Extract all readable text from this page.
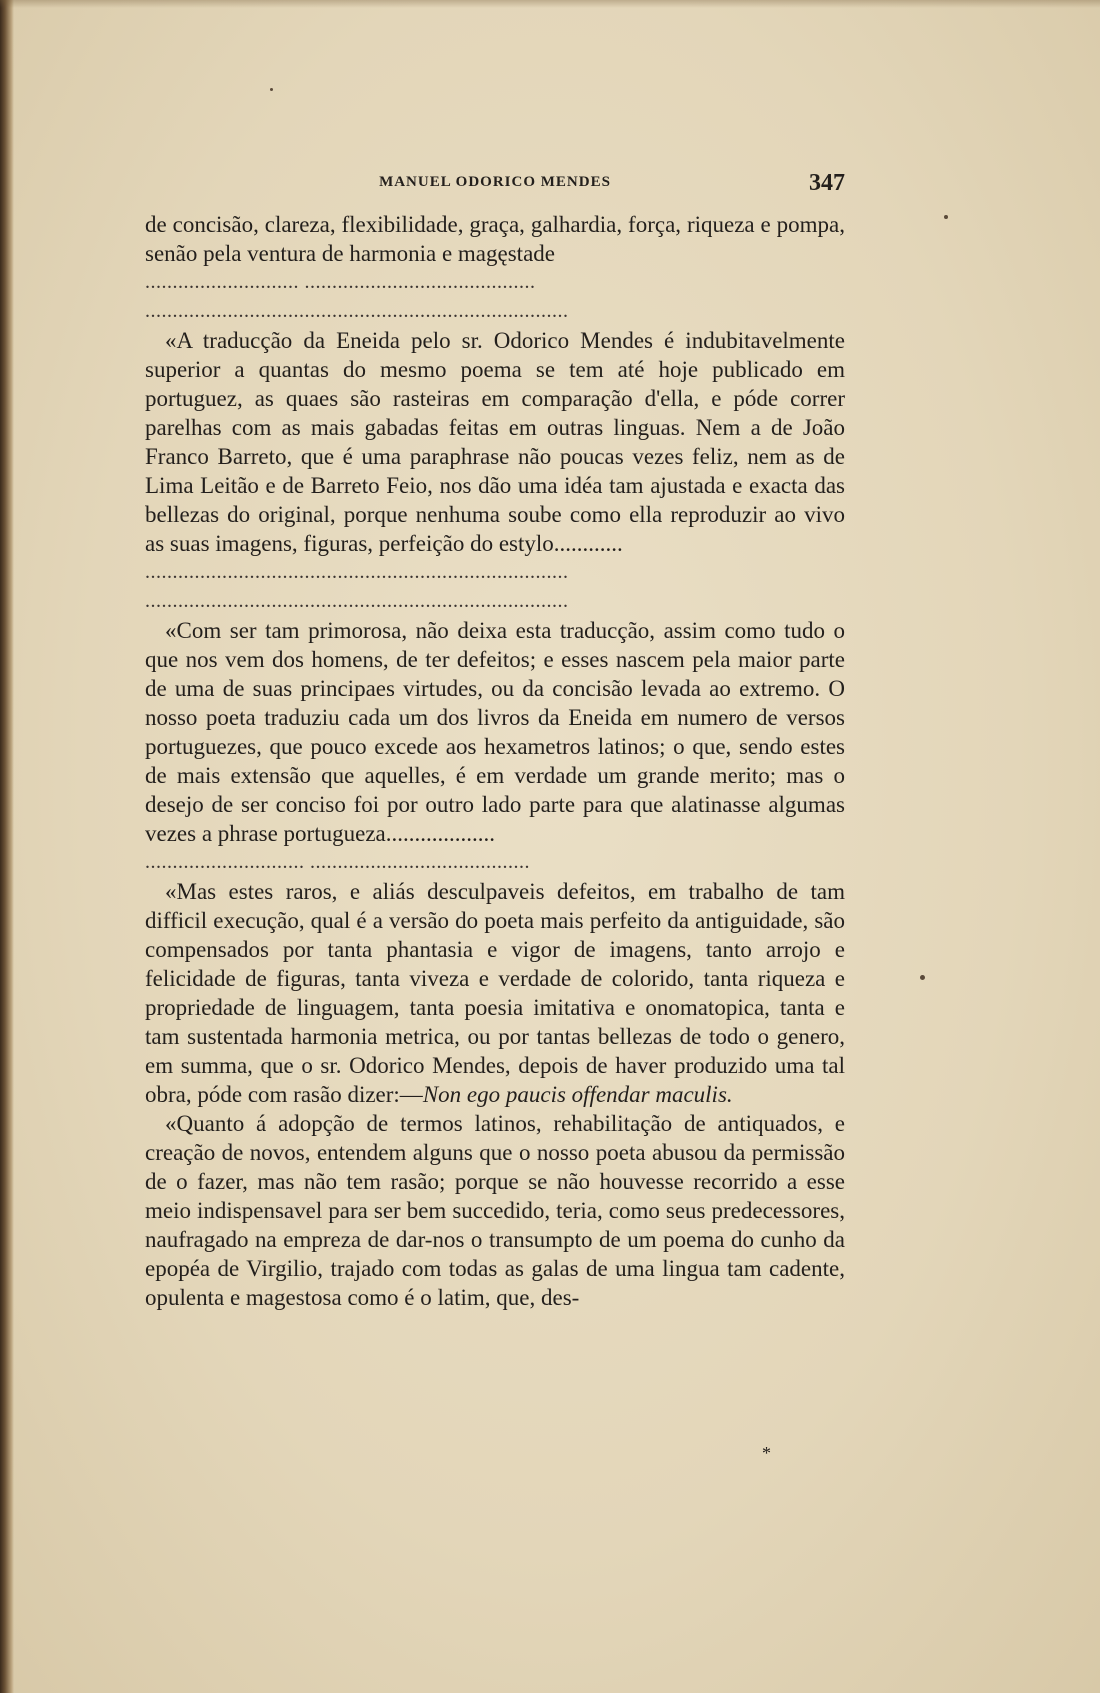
MANUEL ODORICO MENDES	347

de concisão, clareza, flexibilidade, graça, galhardia, força, riqueza e pompa, senão pela ventura de harmonia e magęstade

............................ ..........................................
.............................................................................

«A traducção da Eneida pelo sr. Odorico Mendes é indubitavelmente superior a quantas do mesmo poema se tem até hoje publicado em portuguez, as quaes são rasteiras em comparação d'ella, e póde correr parelhas com as mais gabadas feitas em outras linguas. Nem a de João Franco Barreto, que é uma paraphrase não poucas vezes feliz, nem as de Lima Leitão e de Barreto Feio, nos dão uma idéa tam ajustada e exacta das bellezas do original, porque nenhuma soube como ella reproduzir ao vivo as suas imagens, figuras, perfeição do estylo............

.............................................................................
.............................................................................

«Com ser tam primorosa, não deixa esta traducção, assim como tudo o que nos vem dos homens, de ter defeitos; e esses nascem pela maior parte de uma de suas principaes virtudes, ou da concisão levada ao extremo. O nosso poeta traduziu cada um dos livros da Eneida em numero de versos portuguezes, que pouco excede aos hexametros latinos; o que, sendo estes de mais extensão que aquelles, é em verdade um grande merito; mas o desejo de ser conciso foi por outro lado parte para que alatinasse algumas vezes a phrase portugueza...................

............................. ........................................

«Mas estes raros, e aliás desculpaveis defeitos, em trabalho de tam difficil execução, qual é a versão do poeta mais perfeito da antiguidade, são compensados por tanta phantasia e vigor de imagens, tanto arrojo e felicidade de figuras, tanta viveza e verdade de colorido, tanta riqueza e propriedade de linguagem, tanta poesia imitativa e onomatopica, tanta e tam sustentada harmonia metrica, ou por tantas bellezas de todo o genero, em summa, que o sr. Odorico Mendes, depois de haver produzido uma tal obra, póde com rasão dizer:—Non ego paucis offendar maculis.

«Quanto á adopção de termos latinos, rehabilitação de antiquados, e creação de novos, entendem alguns que o nosso poeta abusou da permissão de o fazer, mas não tem rasão; porque se não houvesse recorrido a esse meio indispensavel para ser bem succedido, teria, como seus predecessores, naufragado na empreza de dar-nos o transumpto de um poema do cunho da epopéa de Virgilio, trajado com todas as galas de uma lingua tam cadente, opulenta e magestosa como é o latim, que, des-

*
